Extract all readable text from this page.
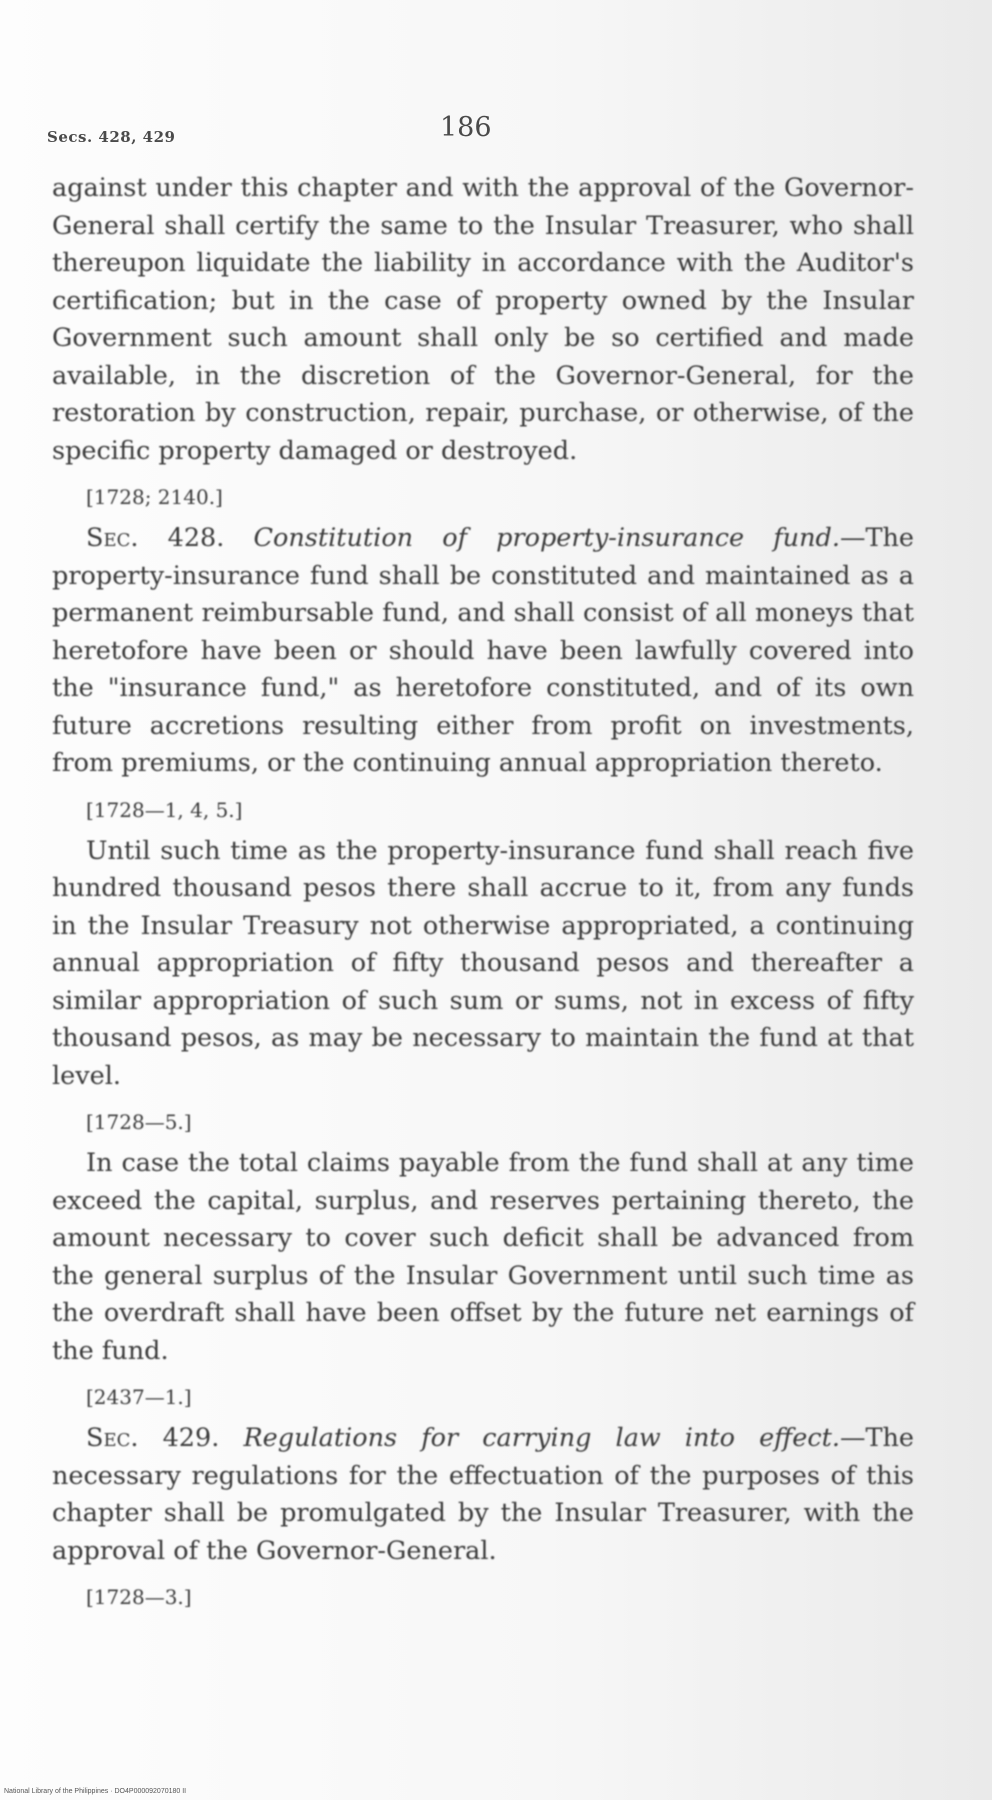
Secs. 428, 429	186

against under this chapter and with the approval of the Governor-General shall certify the same to the Insular Treasurer, who shall thereupon liquidate the liability in accordance with the Auditor's certification; but in the case of property owned by the Insular Government such amount shall only be so certified and made available, in the discretion of the Governor-General, for the restoration by construction, repair, purchase, or otherwise, of the specific property damaged or destroyed.

[1728; 2140.]

Sec. 428. Constitution of property-insurance fund.—The property-insurance fund shall be constituted and maintained as a permanent reimbursable fund, and shall consist of all moneys that heretofore have been or should have been lawfully covered into the "insurance fund," as heretofore constituted, and of its own future accretions resulting either from profit on investments, from premiums, or the continuing annual appropriation thereto.

[1728—1, 4, 5.]

Until such time as the property-insurance fund shall reach five hundred thousand pesos there shall accrue to it, from any funds in the Insular Treasury not otherwise appropriated, a continuing annual appropriation of fifty thousand pesos and thereafter a similar appropriation of such sum or sums, not in excess of fifty thousand pesos, as may be necessary to maintain the fund at that level.

[1728—5.]

In case the total claims payable from the fund shall at any time exceed the capital, surplus, and reserves pertaining thereto, the amount necessary to cover such deficit shall be advanced from the general surplus of the Insular Government until such time as the overdraft shall have been offset by the future net earnings of the fund.

[2437—1.]

Sec. 429. Regulations for carrying law into effect.—The necessary regulations for the effectuation of the purposes of this chapter shall be promulgated by the Insular Treasurer, with the approval of the Governor-General.

[1728—3.]

National Library of the Philippines · DO4P000092070180 II
